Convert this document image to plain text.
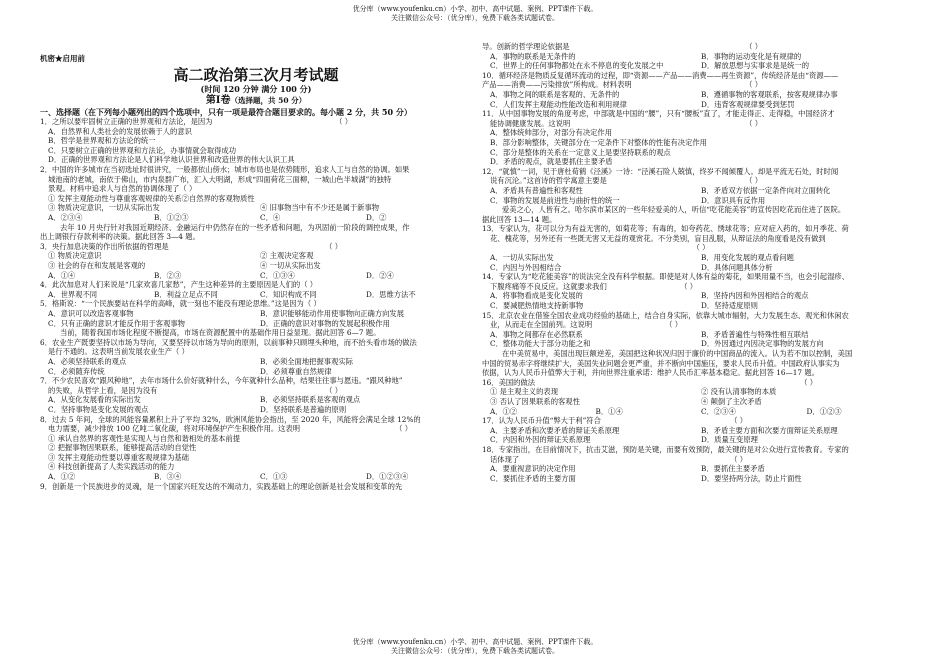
优分库（www.youfenku.cn）小学、初中、高中试题、案例、PPT课件下载。
关注微信公众号：（优分库），免费下载各类试题试卷。
机密★启用前
高二政治第三次月考试题
(时间 120 分钟 满分 100 分)
第Ⅰ卷（选择题，共 50 分）
一、选择题（在下列每小题列出的四个选项中，只有一项是最符合题目要求的。每小题 2 分，共 50 分）
1．之所以要牢固树立正确的世界观和方法论，是因为	（ ）
A．自然界和人类社会的发展依赖于人的意识
B．哲学是世界观和方法论的统一
C．只要树立正确的世界观和方法论，办事情就会取得成功
D．正确的世界观和方法论是人们科学地认识世界和改造世界的伟大认识工具
2．中国的许多城市在当初选址时很讲究，一般都依山傍水；城市布局也是依势随形，追求人工与自然的协调。如果
城池南的老城，南依于佛山，市内泉群广布，汇入大明湖，形成“四面荷花三面柳，一城山色半城湖”的独特
景观。材料中追求人与自然的协调体现了（ ）
① 发挥主观能动性与尊重客观规律的关系②自然界的客观物质性
③ 物质决定意识，一切从实际出发	④ 旧事物当中有不少还是属于新事物
A．②③④	B．①②③	C．④	D．②
去年 10 月央行针对我国近期经济、金融运行中仍然存在的一些矛盾和问题，为巩固前一阶段的调控成果，作
出上调银行存款利率的决策。据此回答 3—4 题。
3．央行加息决策的作出所依据的哲理是	（ ）
① 物质决定意识	② 主观决定客观
③ 社会的存在和发展是客观的	④ 一切从实际出发
A．①④	B．②③	C．①③④	D．②④
4．此次加息对人们来说是“几家欢喜几家愁”，产生这种差异的主要原因是人们的（ ）
A．世界观不同	B．利益立足点不同	C．知识构成不同	D．思维方法不
5．格斯说：“一个民族要站在科学的高峰，就一刻也不能没有理论思维。”这是因为（ ）
A．意识可以改造客观事物	B．意识能够能动作用使事物向正确方向发展
C．只有正确的意识才能反作用于客观事物	D．正确的意识对事物的发展起积极作用
当前，随着我国市场化程度不断提高，市场在资源配置中的基础作用日益显现。据此回答 6—7 题。
6．农业生产既要坚持以市场为导向，又要坚持以市场为导向的原则，以前事种只顾埋头种地，而不抬头看市场的做法
是行不通的。这表明当前发展农业生产（ ）
A．必须坚持联系的观点	B．必须全面地把握事观实际
C．必须随弃传统	D．必须尊重自然规律
7．不少农民喜欢“跟风种地”，去年市场什么价好就种什么，今年就种什么品种，结果往往事与愿违。“跟风种地”
的失败，从哲学上看，是因为没有	（ ）
A．从变化发展看的实际出发	B．必须坚持联系是客观的观点
C．坚持事物是变化发展的观点	D．坚持联系是普遍的原则
8．过去 5 年间，全球的风能容量累积上升了平均 32%，欧洲风能协会指出，至 2020 年，风能将会满足全球 12%的
电力需要，减少排放 100 亿吨二氧化碳，将对环境保护产生积极作用。这表明	（ ）
① 承认自然界的客观性是实现人与自然和谐相处的基本前提
② 把握事物因果联系，能够提高活动的自觉性
③ 发挥主观能动性要以尊重客观规律为基础
④ 科技创新提高了人类实践活动的能力
A．①②	B．③④	C．①③	D．①②③④
9．创新是一个民族进步的灵魂，是一个国家兴旺发达的不竭动力，实践基础上的理论创新是社会发展和变革的先
导。创新的哲学理论依据是	（ ）
A．事物的联系是无条件的	B．事物的运动变化是有规律的
C．世界上的任何事物都处在永不停息的变化发展之中	D．解放思想与实事求是是统一的
10．循环经济是物质反复循环流动的过程，即“资源——产品——消费——再生资源”，传统经济是由“资源——
产品——消费——污染排放”所构成。材料表明	（ ）
A．事物之间的联系是客观的、无条件的	B．遵循事物的客观联系，按客观规律办事
C．人们发挥主观能动性能改造和利用规律	D．违背客观规律要受到惩罚
11．从中国事物发展的角度考虑，中部就是中国的“腰”，只有“腰板”直了，才能走得正、走得稳，中国经济才
能协调健康发展。这说明	（ ）
A．整体统帅部分，对部分有决定作用
B．部分影响整体，关键部分在一定条件下对整体的性能有决定作用
C．部分是整体的关系在一定意义上是要坚持联系的观点
D．矛盾的观点，就是要抓住主要矛盾
12．“就慎”一词，见于唐杜荀鹤《泾溪》一诗：“泾溪石险人兢慎，终岁不闻倾覆人。却是平流无石处，时时闻
说有沉沦。”这首诗的哲学寓意主要是	（ ）
A．矛盾具有普遍性和客观性	B．矛盾双方依据一定条件向对立面转化
C．事物的发展是前进性与曲折性的统一	D．意识具有反作用
爱美之心，人皆有之。哈尔滨市某区的一些年轻爱美的人，听信“吃花能美容”的宣传因吃花而住进了医院。
据此回答 13—14 题。
13．专家认为，花可以分为有益无害的，如菊花等；有毒的，如夸药花、绣球花等；应对症入药的，如月季花、荷
花、槐花等，另外还有一些既无害又无益的观赏花。不分类别，盲目乱服，从辩证法的角度看是没有做到
（ ）
A．一切从实际出发	B．用变化发展的观点看问题
C．内因与外因相结合	D．具体问题具体分析
14．专家认为“吃花能美容”的说法完全没有科学根据。即使是对人体有益的菊花，如果用量不当，也会引起湿疹、
下腹疼痛等不良反应。这就要求我们	（ ）
A．将事物看成是变化发展的	B．坚持内因和外因相结合的观点
C．要减肥热情地支持新事物	D．坚持适度原则
15．北京农业在借鉴全国农业成功经验的基础上，结合自身实际，依靠大城市辐射，大力发展生态、观光和休闲农
业，从而走在全国前列。这说明	（ ）
A．事物之间都存在必然联系	B．矛盾普遍性与特殊性相互联结
C．整体功能大于部分功能之和	D．外因通过内因决定事物的发展方向
在中美贸易中，美国出现巨额逆差，美国把这种状况归因于廉价的中国商品的流入。认为若不加以控制，美国
中国的贸易赤字将继续扩大，美国失业问题会更严重，并不断向中国施压，要求人民币升值。中国政府认事实为
依据，认为人民币升值弊大于利，并向世界注重承诺：维护人民币汇率基本稳定。据此回答 16—17 题。
16．美国的做法	（ ）
① 是主观主义的表现	② 没有认清事物的本质
③ 否认了因果联系的客观性	④ 颠倒了主次矛盾
A．①②	B．①④	C．②③④	D．①②③
17．认为人民币升值“弊大于利”符合	（ ）
A．主要矛盾和次要矛盾的辩证关系原理	B．矛盾主要方面和次要方面辩证关系原理
C．内因和外因的辩证关系原理	D．质量互变原理
18．专家指出，在目前情况下，抗击艾滋，预防是关键，而要有效预防，最关键的是对公众进行宣传教育。专家的
话体现了	（ ）
A．要重视意识的决定作用	B．要抓住主要矛盾
C．要抓住矛盾的主要方面	D．要坚持两分法，防止片面性
优分库（www.youfenku.cn）小学、初中、高中试题、案例、PPT课件下载。
关注微信公众号：（优分库），免费下载各类试题试卷。
